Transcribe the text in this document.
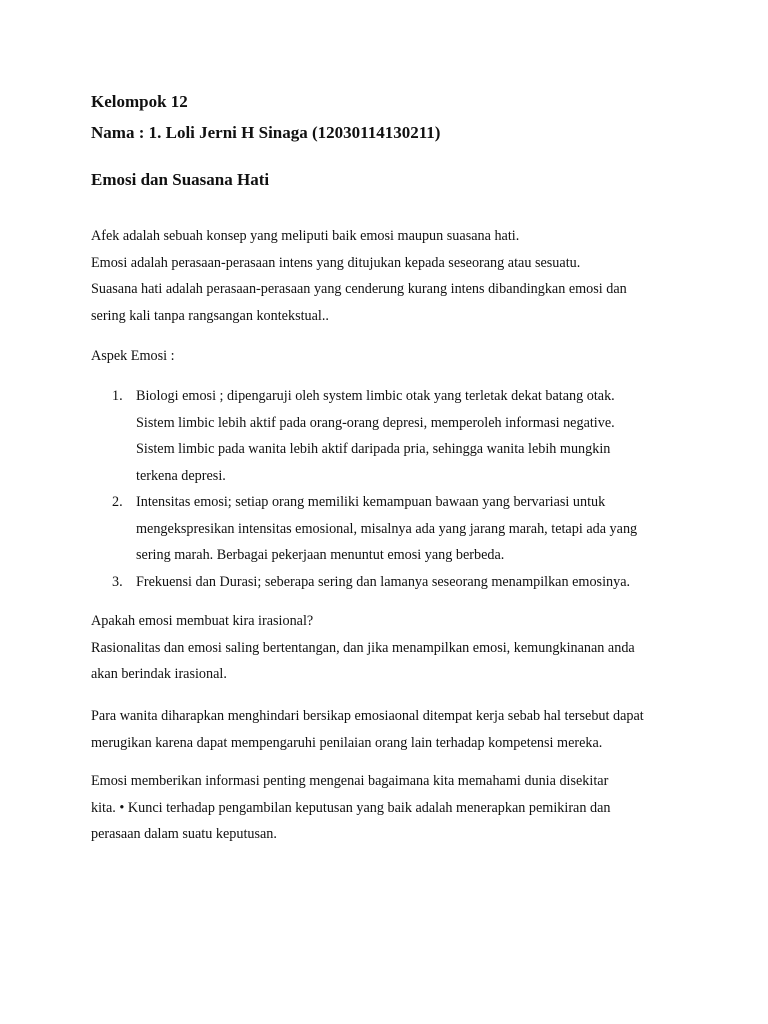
Kelompok 12
Nama : 1. Loli Jerni H Sinaga (12030114130211)
Emosi dan Suasana Hati
Afek adalah sebuah konsep yang meliputi baik emosi maupun suasana hati.
Emosi adalah perasaan-perasaan intens yang ditujukan kepada seseorang atau sesuatu.
Suasana hati adalah perasaan-perasaan yang cenderung kurang intens dibandingkan emosi dan
sering kali tanpa rangsangan kontekstual..
Aspek Emosi :
1. Biologi emosi ; dipengaruji oleh system limbic otak yang terletak dekat batang otak.
Sistem limbic lebih aktif pada orang-orang depresi, memperoleh informasi negative.
Sistem limbic pada wanita lebih aktif daripada pria, sehingga wanita lebih mungkin
terkena depresi.
2. Intensitas emosi; setiap orang memiliki kemampuan bawaan yang bervariasi untuk
mengekspresikan intensitas emosional, misalnya ada yang jarang marah, tetapi ada yang
sering marah. Berbagai pekerjaan menuntut emosi yang berbeda.
3. Frekuensi dan Durasi; seberapa sering dan lamanya seseorang menampilkan emosinya.
Apakah emosi membuat kira irasional?
Rasionalitas dan emosi saling bertentangan, dan jika menampilkan emosi, kemungkinanan anda
akan berindak irasional.
Para wanita diharapkan menghindari bersikap emosiaonal ditempat kerja sebab hal tersebut dapat
merugikan karena dapat mempengaruhi penilaian orang lain terhadap kompetensi mereka.
Emosi memberikan informasi penting mengenai bagaimana kita memahami dunia disekitar
kita. • Kunci terhadap pengambilan keputusan yang baik adalah menerapkan pemikiran dan
perasaan dalam suatu keputusan.
